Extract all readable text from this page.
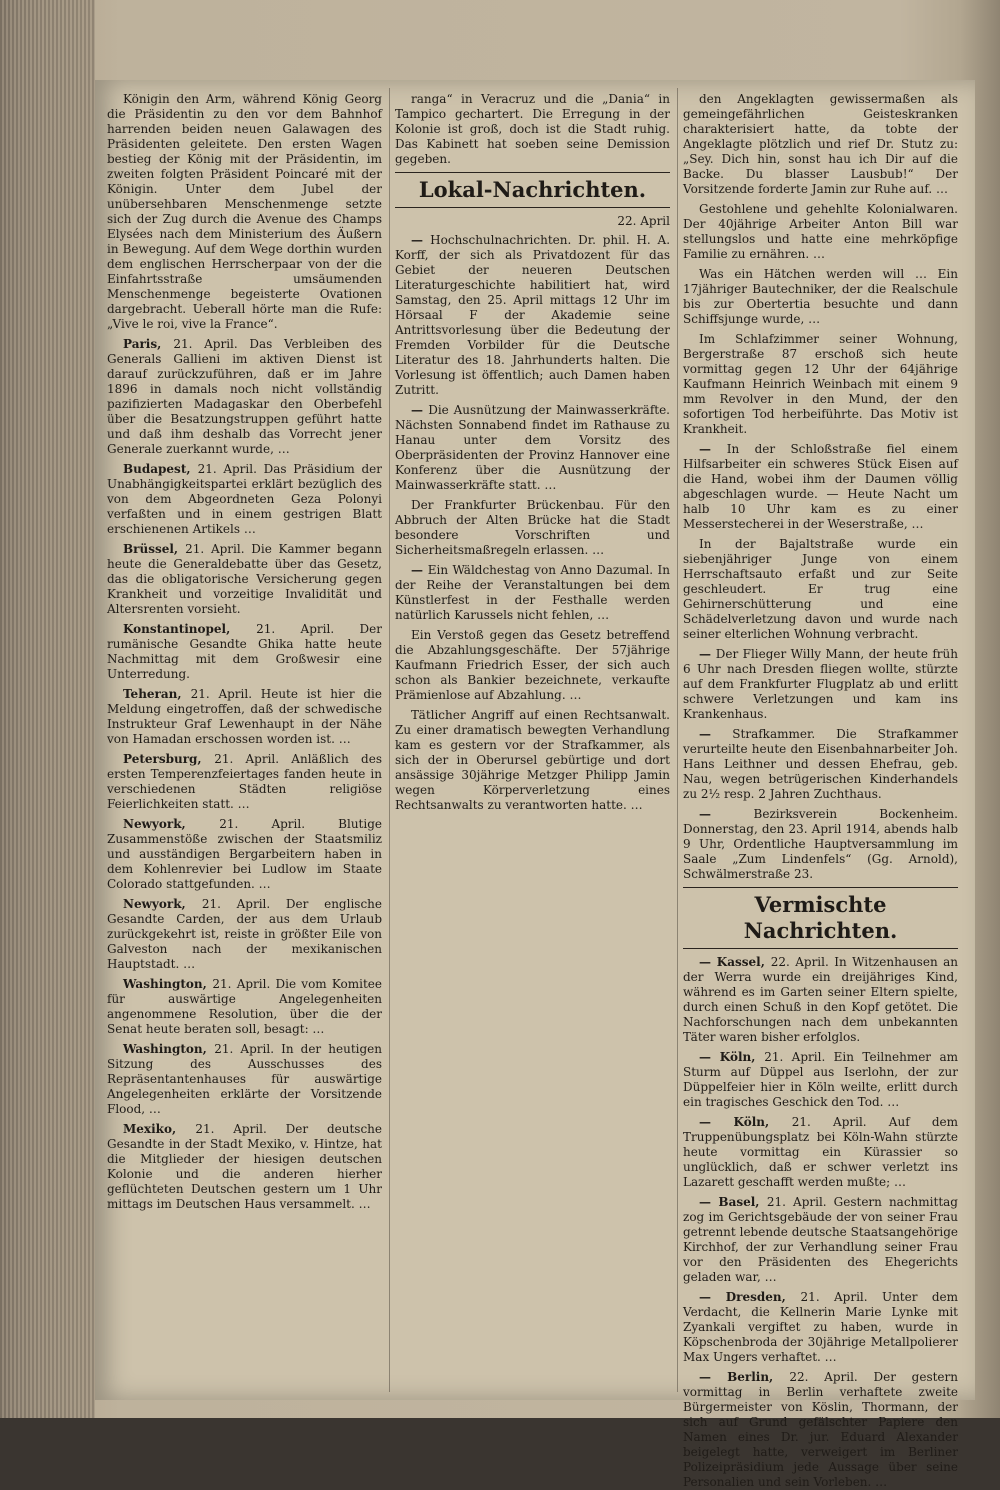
Königin den Arm, während König Georg die Präsidentin zu den vor dem Bahnhof harrenden beiden neuen Galawagen des Präsidenten geleitete. Den ersten Wagen bestieg der König mit der Präsidentin, im zweiten folgten Präsident Poincaré mit der Königin. Unter dem Jubel der unübersehbaren Menschenmenge setzte sich der Zug durch die Avenue des Champs Elysées nach dem Ministerium des Äußern in Bewegung. Auf dem Wege dorthin wurden dem englischen Herrscherpaar von der die Einfahrtsstraße umsäumenden Menschenmenge begeisterte Ovationen dargebracht. Ueberall hörte man die Rufe: „Vive le roi, vive la France“.

Paris, 21. April. Das Verbleiben des Generals Gallieni im aktiven Dienst ist darauf zurückzuführen, daß er im Jahre 1896 in damals noch nicht vollständig pazifizierten Madagaskar den Oberbefehl über die Besatzungstruppen geführt hatte und daß ihm deshalb das Vorrecht jener Generale zuerkannt wurde, …

Budapest, 21. April. Das Präsidium der Unabhängigkeitspartei erklärt bezüglich des von dem Abgeordneten Geza Polonyi verfaßten und in einem gestrigen Blatt erschienenen Artikels …

Brüssel, 21. April. Die Kammer begann heute die Generaldebatte über das Gesetz, das die obligatorische Versicherung gegen Krankheit und vorzeitige Invalidität und Altersrenten vorsieht.

Konstantinopel, 21. April. Der rumänische Gesandte Ghika hatte heute Nachmittag mit dem Großwesir eine Unterredung.

Teheran, 21. April. Heute ist hier die Meldung eingetroffen, daß der schwedische Instrukteur Graf Lewenhaupt in der Nähe von Hamadan erschossen worden ist. …

Petersburg, 21. April. Anläßlich des ersten Temperenzfeiertages fanden heute in verschiedenen Städten religiöse Feierlichkeiten statt. …

Newyork, 21. April. Blutige Zusammenstöße zwischen der Staatsmiliz und ausständigen Bergarbeitern haben in dem Kohlenrevier bei Ludlow im Staate Colorado stattgefunden. …

Newyork, 21. April. Der englische Gesandte Carden, der aus dem Urlaub zurückgekehrt ist, reiste in größter Eile von Galveston nach der mexikanischen Hauptstadt. …

Washington, 21. April. Die vom Komitee für auswärtige Angelegenheiten angenommene Resolution, über die der Senat heute beraten soll, besagt: …

Washington, 21. April. In der heutigen Sitzung des Ausschusses des Repräsentantenhauses für auswärtige Angelegenheiten erklärte der Vorsitzende Flood, …

Mexiko, 21. April. Der deutsche Gesandte in der Stadt Mexiko, v. Hintze, hat die Mitglieder der hiesigen deutschen Kolonie und die anderen hierher geflüchteten Deutschen gestern um 1 Uhr mittags im Deutschen Haus versammelt. …

ranga“ in Veracruz und die „Dania“ in Tampico gechartert. Die Erregung in der Kolonie ist groß, doch ist die Stadt ruhig. Das Kabinett hat soeben seine Demission gegeben.

Lokal-Nachrichten.
22. April

— Hochschulnachrichten. Dr. phil. H. A. Korff, der sich als Privatdozent für das Gebiet der neueren Deutschen Literaturgeschichte habilitiert hat, wird Samstag, den 25. April mittags 12 Uhr im Hörsaal F der Akademie seine Antrittsvorlesung über die Bedeutung der Fremden Vorbilder für die Deutsche Literatur des 18. Jahrhunderts halten. Die Vorlesung ist öffentlich; auch Damen haben Zutritt.

— Die Ausnützung der Mainwasserkräfte. Nächsten Sonnabend findet im Rathause zu Hanau unter dem Vorsitz des Oberpräsidenten der Provinz Hannover eine Konferenz über die Ausnützung der Mainwasserkräfte statt. …

Der Frankfurter Brückenbau. Für den Abbruch der Alten Brücke hat die Stadt besondere Vorschriften und Sicherheitsmaßregeln erlassen. …

— Ein Wäldchestag von Anno Dazumal. In der Reihe der Veranstaltungen bei dem Künstlerfest in der Festhalle werden natürlich Karussels nicht fehlen, …

Ein Verstoß gegen das Gesetz betreffend die Abzahlungsgeschäfte. Der 57jährige Kaufmann Friedrich Esser, der sich auch schon als Bankier bezeichnete, verkaufte Prämienlose auf Abzahlung. …

Tätlicher Angriff auf einen Rechtsanwalt. Zu einer dramatisch bewegten Verhandlung kam es gestern vor der Strafkammer, als sich der in Oberursel gebürtige und dort ansässige 30jährige Metzger Philipp Jamin wegen Körperverletzung eines Rechtsanwalts zu verantworten hatte. …

den Angeklagten gewissermaßen als gemeingefährlichen Geisteskranken charakterisiert hatte, da tobte der Angeklagte plötzlich und rief Dr. Stutz zu: „Sey. Dich hin, sonst hau ich Dir auf die Backe. Du blasser Lausbub!“ Der Vorsitzende forderte Jamin zur Ruhe auf. …

Gestohlene und gehehlte Kolonialwaren. Der 40jährige Arbeiter Anton Bill war stellungslos und hatte eine mehrköpfige Familie zu ernähren. …

Was ein Hätchen werden will … Ein 17jähriger Bautechniker, der die Realschule bis zur Obertertia besuchte und dann Schiffsjunge wurde, …

Im Schlafzimmer seiner Wohnung, Bergerstraße 87 erschoß sich heute vormittag gegen 12 Uhr der 64jährige Kaufmann Heinrich Weinbach mit einem 9 mm Revolver in den Mund, der den sofortigen Tod herbeiführte. Das Motiv ist Krankheit.

— In der Schloßstraße fiel einem Hilfsarbeiter ein schweres Stück Eisen auf die Hand, wobei ihm der Daumen völlig abgeschlagen wurde. — Heute Nacht um halb 10 Uhr kam es zu einer Messerstecherei in der Weserstraße, …

In der Bajaltstraße wurde ein siebenjähriger Junge von einem Herrschaftsauto erfaßt und zur Seite geschleudert. Er trug eine Gehirnerschütterung und eine Schädelverletzung davon und wurde nach seiner elterlichen Wohnung verbracht.

— Der Flieger Willy Mann, der heute früh 6 Uhr nach Dresden fliegen wollte, stürzte auf dem Frankfurter Flugplatz ab und erlitt schwere Verletzungen und kam ins Krankenhaus.

— Strafkammer. Die Strafkammer verurteilte heute den Eisenbahnarbeiter Joh. Hans Leithner und dessen Ehefrau, geb. Nau, wegen betrügerischen Kinderhandels zu 2½ resp. 2 Jahren Zuchthaus.

— Bezirksverein Bockenheim. Donnerstag, den 23. April 1914, abends halb 9 Uhr, Ordentliche Hauptversammlung im Saale „Zum Lindenfels“ (Gg. Arnold), Schwälmerstraße 23.

Vermischte Nachrichten.

— Kassel, 22. April. In Witzenhausen an der Werra wurde ein dreijähriges Kind, während es im Garten seiner Eltern spielte, durch einen Schuß in den Kopf getötet. Die Nachforschungen nach dem unbekannten Täter waren bisher erfolglos.

— Köln, 21. April. Ein Teilnehmer am Sturm auf Düppel aus Iserlohn, der zur Düppelfeier hier in Köln weilte, erlitt durch ein tragisches Geschick den Tod. …

— Köln, 21. April. Auf dem Truppenübungsplatz bei Köln-Wahn stürzte heute vormittag ein Kürassier so unglücklich, daß er schwer verletzt ins Lazarett geschafft werden mußte; …

— Basel, 21. April. Gestern nachmittag zog im Gerichtsgebäude der von seiner Frau getrennt lebende deutsche Staatsangehörige Kirchhof, der zur Verhandlung seiner Frau vor den Präsidenten des Ehegerichts geladen war, …

— Dresden, 21. April. Unter dem Verdacht, die Kellnerin Marie Lynke mit Zyankali vergiftet zu haben, wurde in Köpschenbroda der 30jährige Metallpolierer Max Ungers verhaftet. …

— Berlin, 22. April. Der gestern vormittag in Berlin verhaftete zweite Bürgermeister von Köslin, Thormann, der sich auf Grund gefälschter Papiere den Namen eines Dr. jur. Eduard Alexander beigelegt hatte, verweigert im Berliner Polizeipräsidium jede Aussage über seine Personalien und sein Vorleben. …
